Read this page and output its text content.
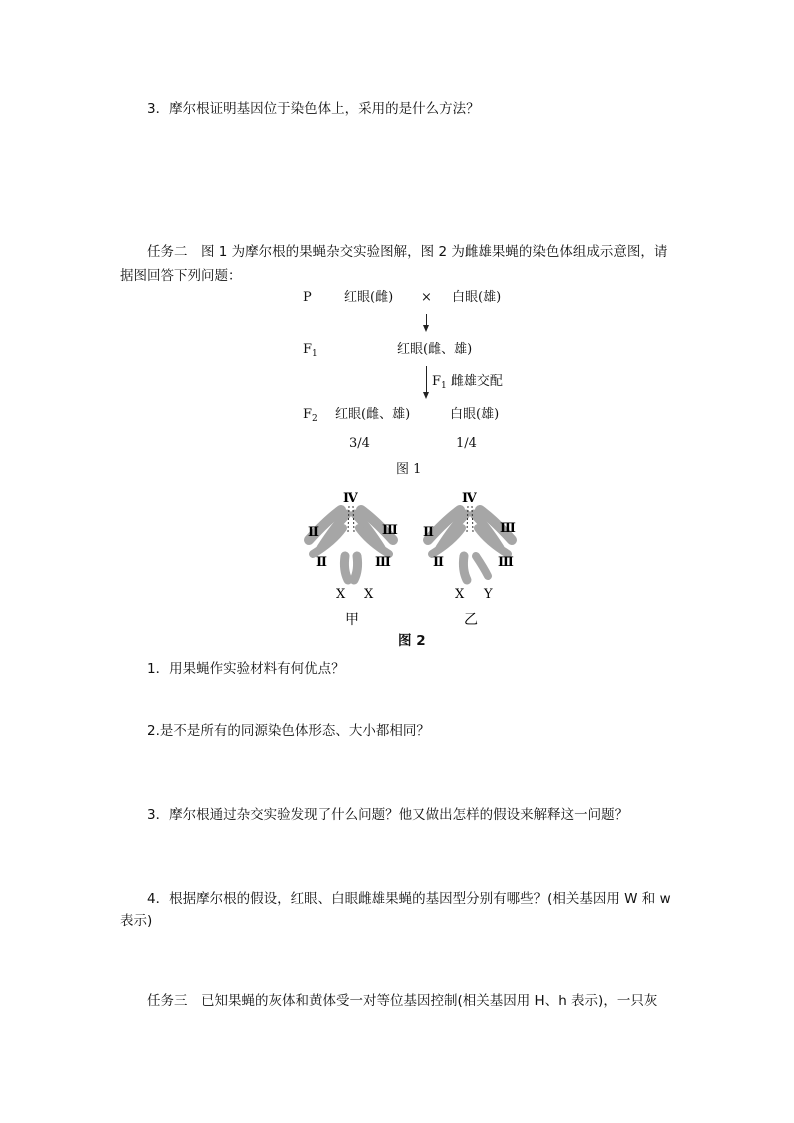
3．摩尔根证明基因位于染色体上，采用的是什么方法？
任务二　图 1 为摩尔根的果蝇杂交实验图解，图 2 为雌雄果蝇的染色体组成示意图，请
据图回答下列问题：
P 红眼(雌) × 白眼(雄)
$F_1$	红眼(雌、雄)
$F_1$ 雌雄交配
$F_2$ 红眼(雌、雄)	白眼(雄)
3/4	1/4
图 1
Ⅳ
Ⅱ	Ⅲ
Ⅱ	Ⅲ
X X
甲
Ⅳ
Ⅱ	Ⅲ
Ⅱ	Ⅲ
X Y
乙
图 2
1．用果蝇作实验材料有何优点？
2.是不是所有的同源染色体形态、大小都相同？
3．摩尔根通过杂交实验发现了什么问题？他又做出怎样的假设来解释这一问题？
4．根据摩尔根的假设，红眼、白眼雌雄果蝇的基因型分别有哪些？(相关基因用 W 和 w
表示)
任务三　已知果蝇的灰体和黄体受一对等位基因控制(相关基因用 H、h 表示)，一只灰
